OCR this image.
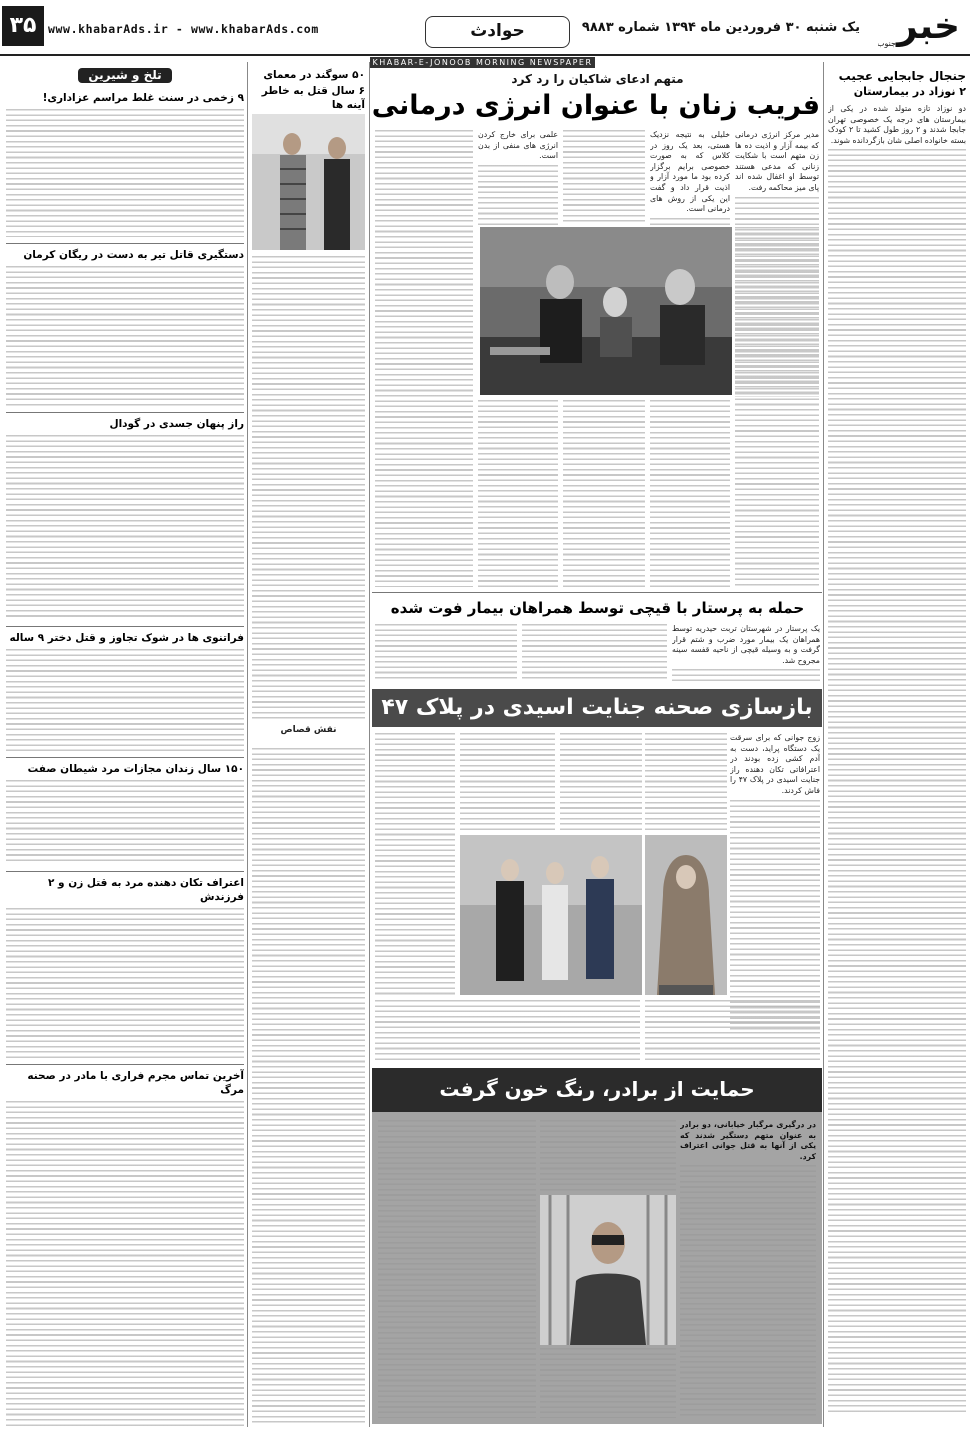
خبر
جنوب
یک شنبه ۳۰ فروردین ماه ۱۳۹۴ شماره ۹۸۸۳
حوادث
www.khabarAds.ir - www.khabarAds.com
۳۵
KHABAR-E-JONOOB MORNING NEWSPAPER
جنجال جابجایی عجیب
۲ نوزاد در بیمارستان

دو نوزاد تازه متولد شده در یکی از بیمارستان های درجه یک خصوصی تهران جابجا شدند و ۲ روز طول کشید تا ۲ کودک بسته خانواده اصلی شان بازگردانده شوند.

متهم ادعای شاکیان را رد کرد
فریب زنان با عنوان انرژی درمانی

مدیر مرکز انرژی درمانی که بیمه آزار و اذیت ده ها زن متهم است با شکایت زنانی که مدعی هستند توسط او اغفال شده اند پای میز محاکمه رفت.

خلیلی به نتیجه نزدیک هستی، بعد یک روز در کلاس که به صورت خصوصی برایم برگزار کرده بود ما مورد آزار و اذیت قرار داد و گفت این یکی از روش های درمانی است.

علمی برای خارج کردن انرژی های منفی از بدن است.

حمله به پرستار با قیچی توسط همراهان بیمار فوت شده

یک پرستار در شهرستان تربت حیدریه توسط همراهان یک بیمار مورد ضرب و شتم قرار گرفت و به وسیله قیچی از ناحیه قفسه سینه مجروح شد.

بازسازی صحنه جنایت اسیدی در پلاک ۴۷

زوج جوانی که برای سرقت یک دستگاه پراید، دست به آدم کشی زده بودند در اعترافاتی تکان دهنده راز جنایت اسیدی در پلاک ۴۷ را فاش کردند.

حمایت از برادر، رنگ خون گرفت

در درگیری مرگبار خیابانی، دو برادر به عنوان متهم دستگیر شدند که یکی از آنها به قتل جوانی اعتراف کرد.

۵۰ سوگند در معمای
۶ سال قتل به خاطر آینه ها
نقش قصاص
تلخ و شیرین
۹ زخمی در سنت غلط مراسم عزاداری!
دستگیری قاتل تیر به دست در ریگان کرمان
راز پنهان جسدی در گودال
فراتنوی ها در شوک تجاوز و قتل دختر ۹ ساله
۱۵۰ سال زندان مجازات مرد شیطان صفت
اعتراف تکان دهنده مرد به قتل زن و ۲ فرزندش
آخرین تماس مجرم فراری با مادر در صحنه مرگ
